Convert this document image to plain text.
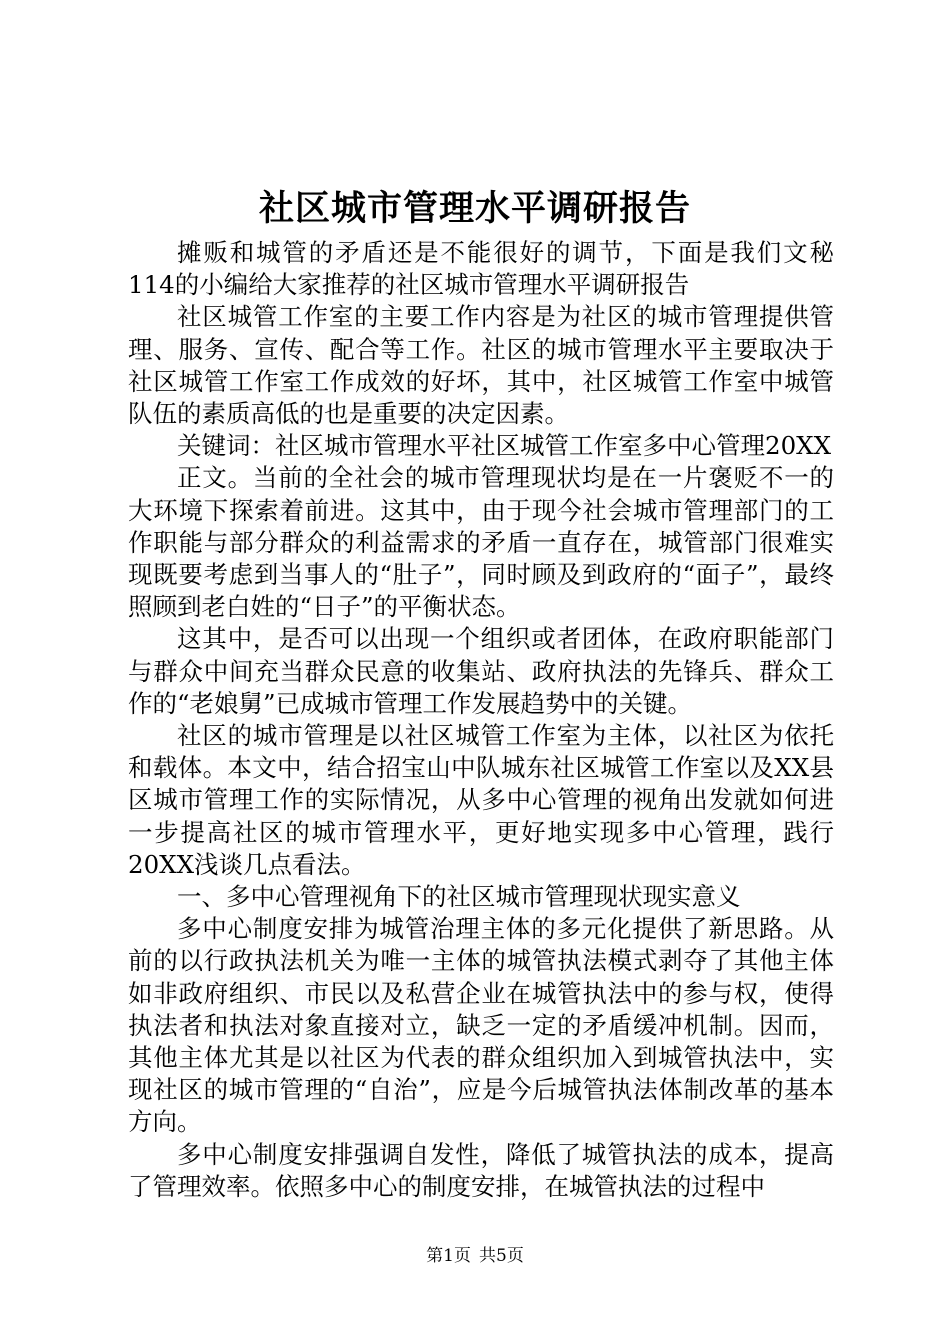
社区城市管理水平调研报告

摊贩和城管的矛盾还是不能很好的调节，下面是我们文秘114的小编给大家推荐的社区城市管理水平调研报告

社区城管工作室的主要工作内容是为社区的城市管理提供管理、服务、宣传、配合等工作。社区的城市管理水平主要取决于社区城管工作室工作成效的好坏，其中，社区城管工作室中城管队伍的素质高低的也是重要的决定因素。

关键词：社区城市管理水平社区城管工作室多中心管理20XX

正文。当前的全社会的城市管理现状均是在一片褒贬不一的大环境下探索着前进。这其中，由于现今社会城市管理部门的工作职能与部分群众的利益需求的矛盾一直存在，城管部门很难实现既要考虑到当事人的“肚子”，同时顾及到政府的“面子”，最终照顾到老白姓的“日子”的平衡状态。

这其中，是否可以出现一个组织或者团体，在政府职能部门与群众中间充当群众民意的收集站、政府执法的先锋兵、群众工作的“老娘舅”已成城市管理工作发展趋势中的关键。

社区的城市管理是以社区城管工作室为主体，以社区为依托和载体。本文中，结合招宝山中队城东社区城管工作室以及XX县区城市管理工作的实际情况，从多中心管理的视角出发就如何进一步提高社区的城市管理水平，更好地实现多中心管理，践行20XX浅谈几点看法。

一、多中心管理视角下的社区城市管理现状现实意义

多中心制度安排为城管治理主体的多元化提供了新思路。从前的以行政执法机关为唯一主体的城管执法模式剥夺了其他主体如非政府组织、市民以及私营企业在城管执法中的参与权，使得执法者和执法对象直接对立，缺乏一定的矛盾缓冲机制。因而，其他主体尤其是以社区为代表的群众组织加入到城管执法中，实现社区的城市管理的“自治”，应是今后城管执法体制改革的基本方向。

多中心制度安排强调自发性，降低了城管执法的成本，提高了管理效率。依照多中心的制度安排，在城管执法的过程中

第1页 共5页
